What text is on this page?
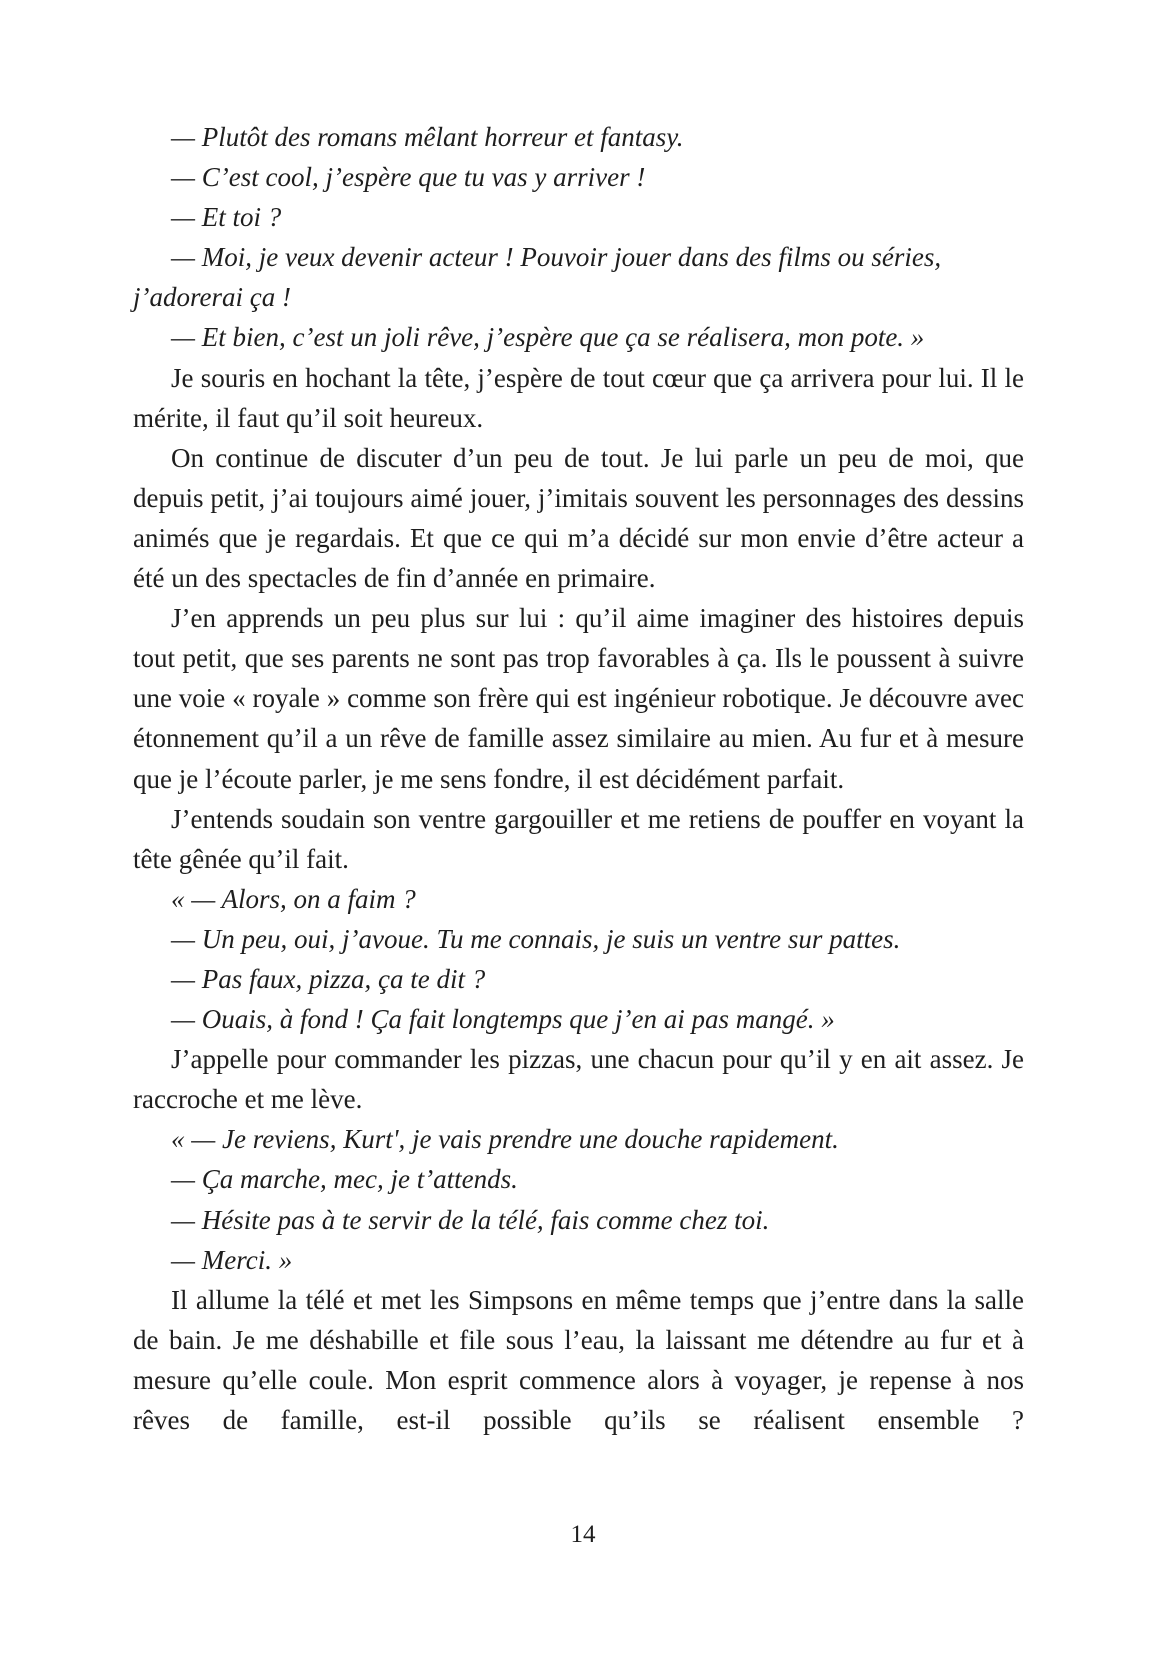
— Plutôt des romans mêlant horreur et fantasy.

— C’est cool, j’espère que tu vas y arriver !

— Et toi ?

— Moi, je veux devenir acteur ! Pouvoir jouer dans des films ou séries, j’adorerai ça !

— Et bien, c’est un joli rêve, j’espère que ça se réalisera, mon pote. »

Je souris en hochant la tête, j’espère de tout cœur que ça arrivera pour lui. Il le mérite, il faut qu’il soit heureux.

On continue de discuter d’un peu de tout. Je lui parle un peu de moi, que depuis petit, j’ai toujours aimé jouer, j’imitais souvent les personnages des dessins animés que je regardais. Et que ce qui m’a décidé sur mon envie d’être acteur a été un des spectacles de fin d’année en primaire.

J’en apprends un peu plus sur lui : qu’il aime imaginer des histoires depuis tout petit, que ses parents ne sont pas trop favorables à ça. Ils le poussent à suivre une voie « royale » comme son frère qui est ingénieur robotique. Je découvre avec étonnement qu’il a un rêve de famille assez similaire au mien. Au fur et à mesure que je l’écoute parler, je me sens fondre, il est décidément parfait.

J’entends soudain son ventre gargouiller et me retiens de pouffer en voyant la tête gênée qu’il fait.

« — Alors, on a faim ?

— Un peu, oui, j’avoue. Tu me connais, je suis un ventre sur pattes.

— Pas faux, pizza, ça te dit ?

— Ouais, à fond ! Ça fait longtemps que j’en ai pas mangé. »

J’appelle pour commander les pizzas, une chacun pour qu’il y en ait assez. Je raccroche et me lève.

« — Je reviens, Kurt', je vais prendre une douche rapidement.

— Ça marche, mec, je t’attends.

— Hésite pas à te servir de la télé, fais comme chez toi.

— Merci. »

Il allume la télé et met les Simpsons en même temps que j’entre dans la salle de bain. Je me déshabille et file sous l’eau, la laissant me détendre au fur et à mesure qu’elle coule. Mon esprit commence alors à voyager, je repense à nos rêves de famille, est-il possible qu’ils se réalisent ensemble ?

14
